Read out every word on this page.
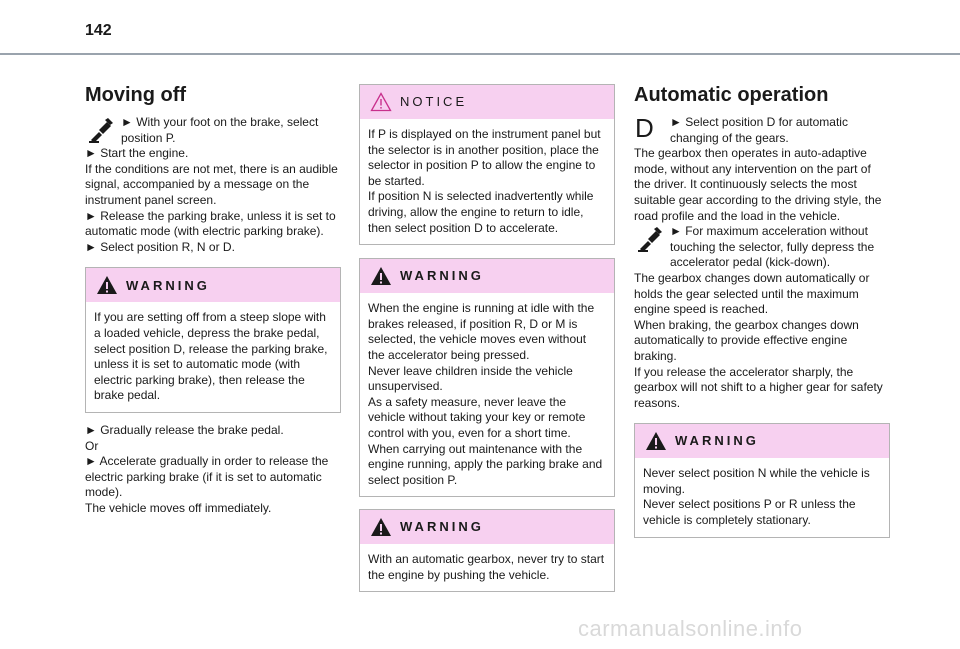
142
Moving off
► With your foot on the brake, select position P.
► Start the engine.
If the conditions are not met, there is an audible signal, accompanied by a message on the instrument panel screen.
► Release the parking brake, unless it is set to automatic mode (with electric parking brake).
► Select position R, N or D.
WARNING
If you are setting off from a steep slope with a loaded vehicle, depress the brake pedal, select position D, release the parking brake, unless it is set to automatic mode (with electric parking brake), then release the brake pedal.
► Gradually release the brake pedal.
Or
► Accelerate gradually in order to release the electric parking brake (if it is set to automatic mode).
The vehicle moves off immediately.
NOTICE
If P is displayed on the instrument panel but the selector is in another position, place the selector in position P to allow the engine to be started.
If position N is selected inadvertently while driving, allow the engine to return to idle, then select position D to accelerate.
WARNING
When the engine is running at idle with the brakes released, if position R, D or M is selected, the vehicle moves even without the accelerator being pressed.
Never leave children inside the vehicle unsupervised.
As a safety measure, never leave the vehicle without taking your key or remote control with you, even for a short time.
When carrying out maintenance with the engine running, apply the parking brake and select position P.
WARNING
With an automatic gearbox, never try to start the engine by pushing the vehicle.
Automatic operation
D ► Select position D for automatic changing of the gears.
The gearbox then operates in auto-adaptive mode, without any intervention on the part of the driver. It continuously selects the most suitable gear according to the driving style, the road profile and the load in the vehicle.
► For maximum acceleration without touching the selector, fully depress the accelerator pedal (kick-down).
The gearbox changes down automatically or holds the gear selected until the maximum engine speed is reached.
When braking, the gearbox changes down automatically to provide effective engine braking.
If you release the accelerator sharply, the gearbox will not shift to a higher gear for safety reasons.
WARNING
Never select position N while the vehicle is moving.
Never select positions P or R unless the vehicle is completely stationary.
carmanualsonline.info
